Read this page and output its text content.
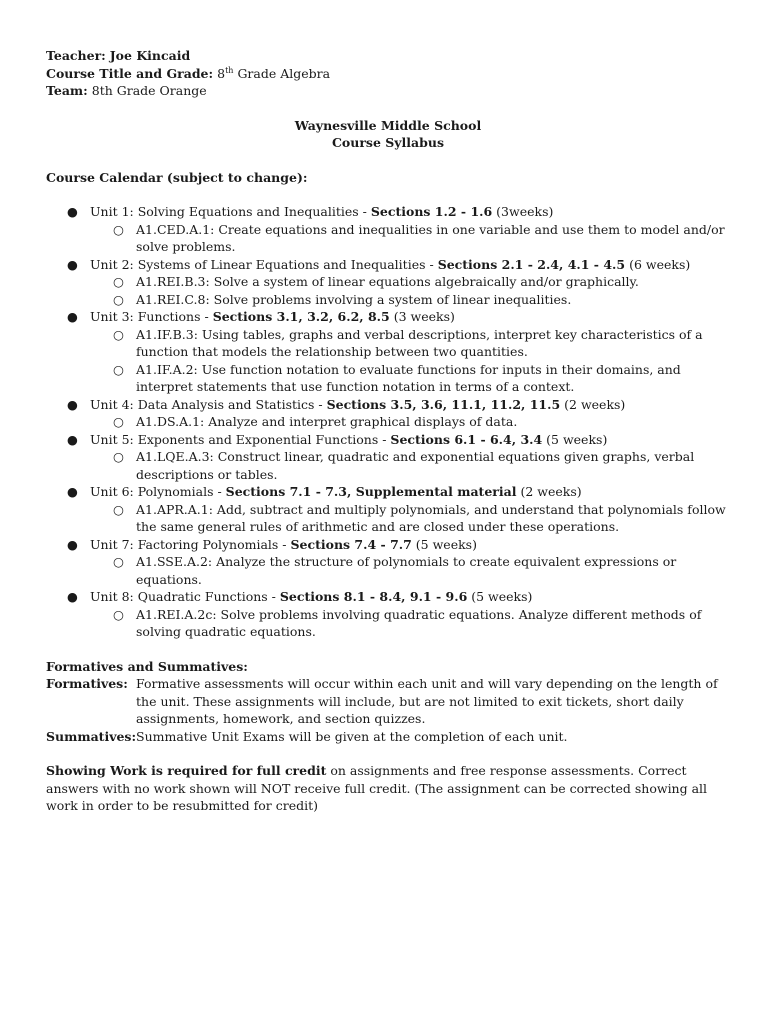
Teacher: Joe Kincaid
Course Title and Grade: 8th Grade Algebra
Team: 8th Grade Orange
Waynesville Middle School
Course Syllabus
Course Calendar (subject to change):
● Unit 1: Solving Equations and Inequalities - Sections 1.2 - 1.6 (3weeks)
○ A1.CED.A.1: Create equations and inequalities in one variable and use them to model and/or solve problems.
● Unit 2: Systems of Linear Equations and Inequalities - Sections 2.1 - 2.4, 4.1 - 4.5 (6 weeks)
○ A1.REI.B.3: Solve a system of linear equations algebraically and/or graphically.
○ A1.REI.C.8: Solve problems involving a system of linear inequalities.
● Unit 3: Functions - Sections 3.1, 3.2, 6.2, 8.5 (3 weeks)
○ A1.IF.B.3: Using tables, graphs and verbal descriptions, interpret key characteristics of a function that models the relationship between two quantities.
○ A1.IF.A.2: Use function notation to evaluate functions for inputs in their domains, and interpret statements that use function notation in terms of a context.
● Unit 4: Data Analysis and Statistics - Sections 3.5, 3.6, 11.1, 11.2, 11.5 (2 weeks)
○ A1.DS.A.1: Analyze and interpret graphical displays of data.
● Unit 5: Exponents and Exponential Functions - Sections 6.1 - 6.4, 3.4 (5 weeks)
○ A1.LQE.A.3: Construct linear, quadratic and exponential equations given graphs, verbal descriptions or tables.
● Unit 6: Polynomials - Sections 7.1 - 7.3, Supplemental material (2 weeks)
○ A1.APR.A.1: Add, subtract and multiply polynomials, and understand that polynomials follow the same general rules of arithmetic and are closed under these operations.
● Unit 7: Factoring Polynomials - Sections 7.4 - 7.7 (5 weeks)
○ A1.SSE.A.2: Analyze the structure of polynomials to create equivalent expressions or equations.
● Unit 8: Quadratic Functions - Sections 8.1 - 8.4, 9.1 - 9.6 (5 weeks)
○ A1.REI.A.2c: Solve problems involving quadratic equations. Analyze different methods of solving quadratic equations.
Formatives and Summatives:
Formatives: Formative assessments will occur within each unit and will vary depending on the length of the unit. These assignments will include, but are not limited to exit tickets, short daily assignments, homework, and section quizzes.
Summatives: Summative Unit Exams will be given at the completion of each unit.
Showing Work is required for full credit on assignments and free response assessments. Correct answers with no work shown will NOT receive full credit. (The assignment can be corrected showing all work in order to be resubmitted for credit)
